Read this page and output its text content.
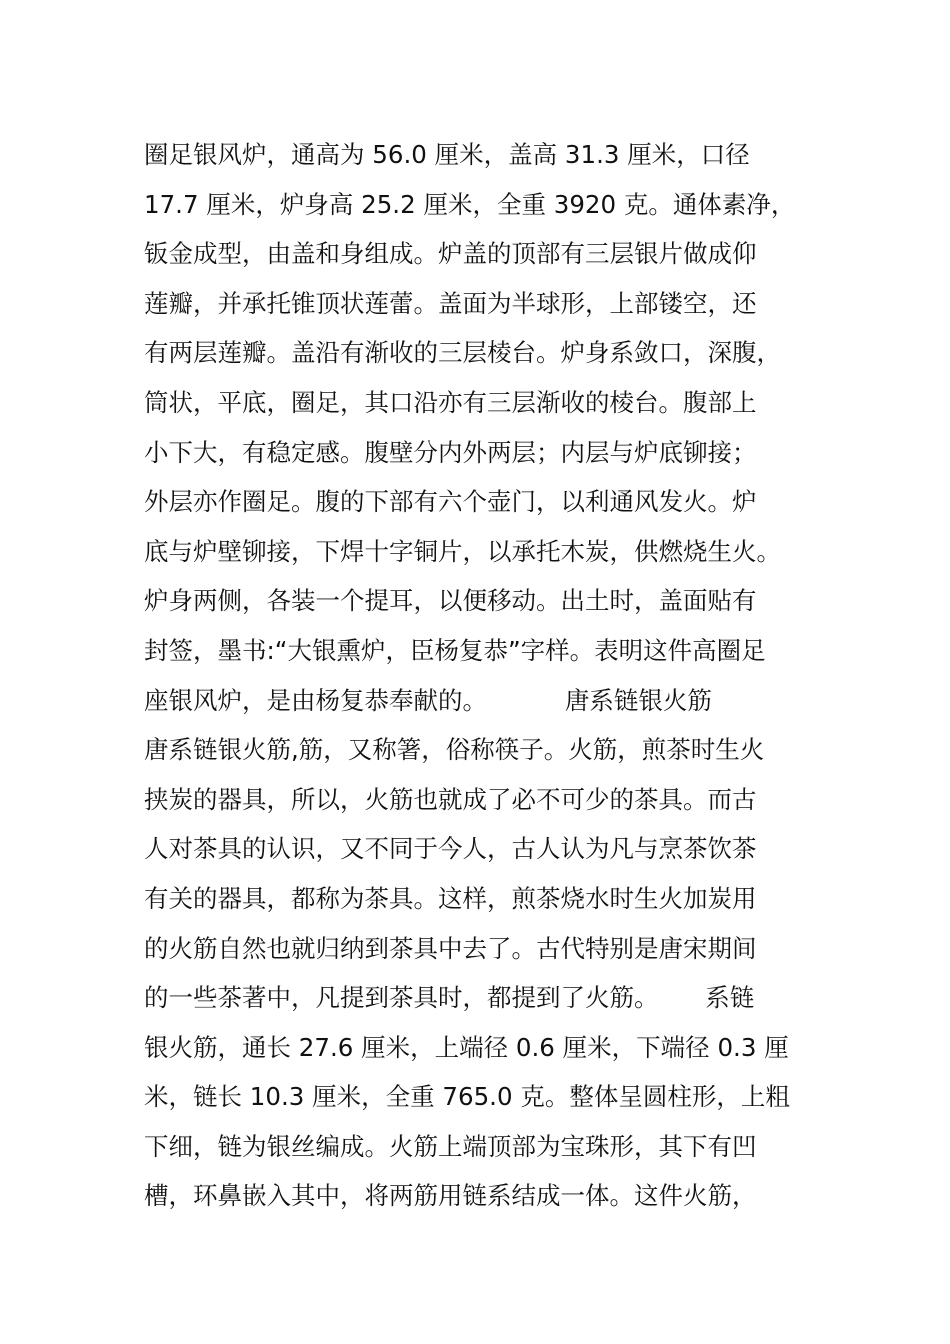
圈足银风炉，通高为 56.0 厘米，盖高 31.3 厘米，口径
17.7 厘米，炉身高 25.2 厘米，全重 3920 克。通体素净，
钣金成型，由盖和身组成。炉盖的顶部有三层银片做成仰
莲瓣，并承托锥顶状莲蕾。盖面为半球形，上部镂空，还
有两层莲瓣。盖沿有渐收的三层棱台。炉身系敛口，深腹，
筒状，平底，圈足，其口沿亦有三层渐收的棱台。腹部上
小下大，有稳定感。腹壁分内外两层；内层与炉底铆接；
外层亦作圈足。腹的下部有六个壶门，以利通风发火。炉
底与炉壁铆接，下焊十字铜片，以承托木炭，供燃烧生火。
炉身两侧，各装一个提耳，以便移动。出土时，盖面贴有
封签，墨书:“大银熏炉，臣杨复恭”字样。表明这件高圈足
座银风炉，是由杨复恭奉献的。          唐系链银火筋
唐系链银火筋,筋，又称箸，俗称筷子。火筋，煎茶时生火
挟炭的器具，所以，火筋也就成了必不可少的茶具。而古
人对茶具的认识，又不同于今人，古人认为凡与烹茶饮茶
有关的器具，都称为茶具。这样，煎茶烧水时生火加炭用
的火筋自然也就归纳到茶具中去了。古代特别是唐宋期间
的一些茶著中，凡提到茶具时，都提到了火筋。      系链
银火筋，通长 27.6 厘米，上端径 0.6 厘米，下端径 0.3 厘
米，链长 10.3 厘米，全重 765.0 克。整体呈圆柱形，上粗
下细，链为银丝编成。火筋上端顶部为宝珠形，其下有凹
槽，环鼻嵌入其中，将两筋用链系结成一体。这件火筋，
